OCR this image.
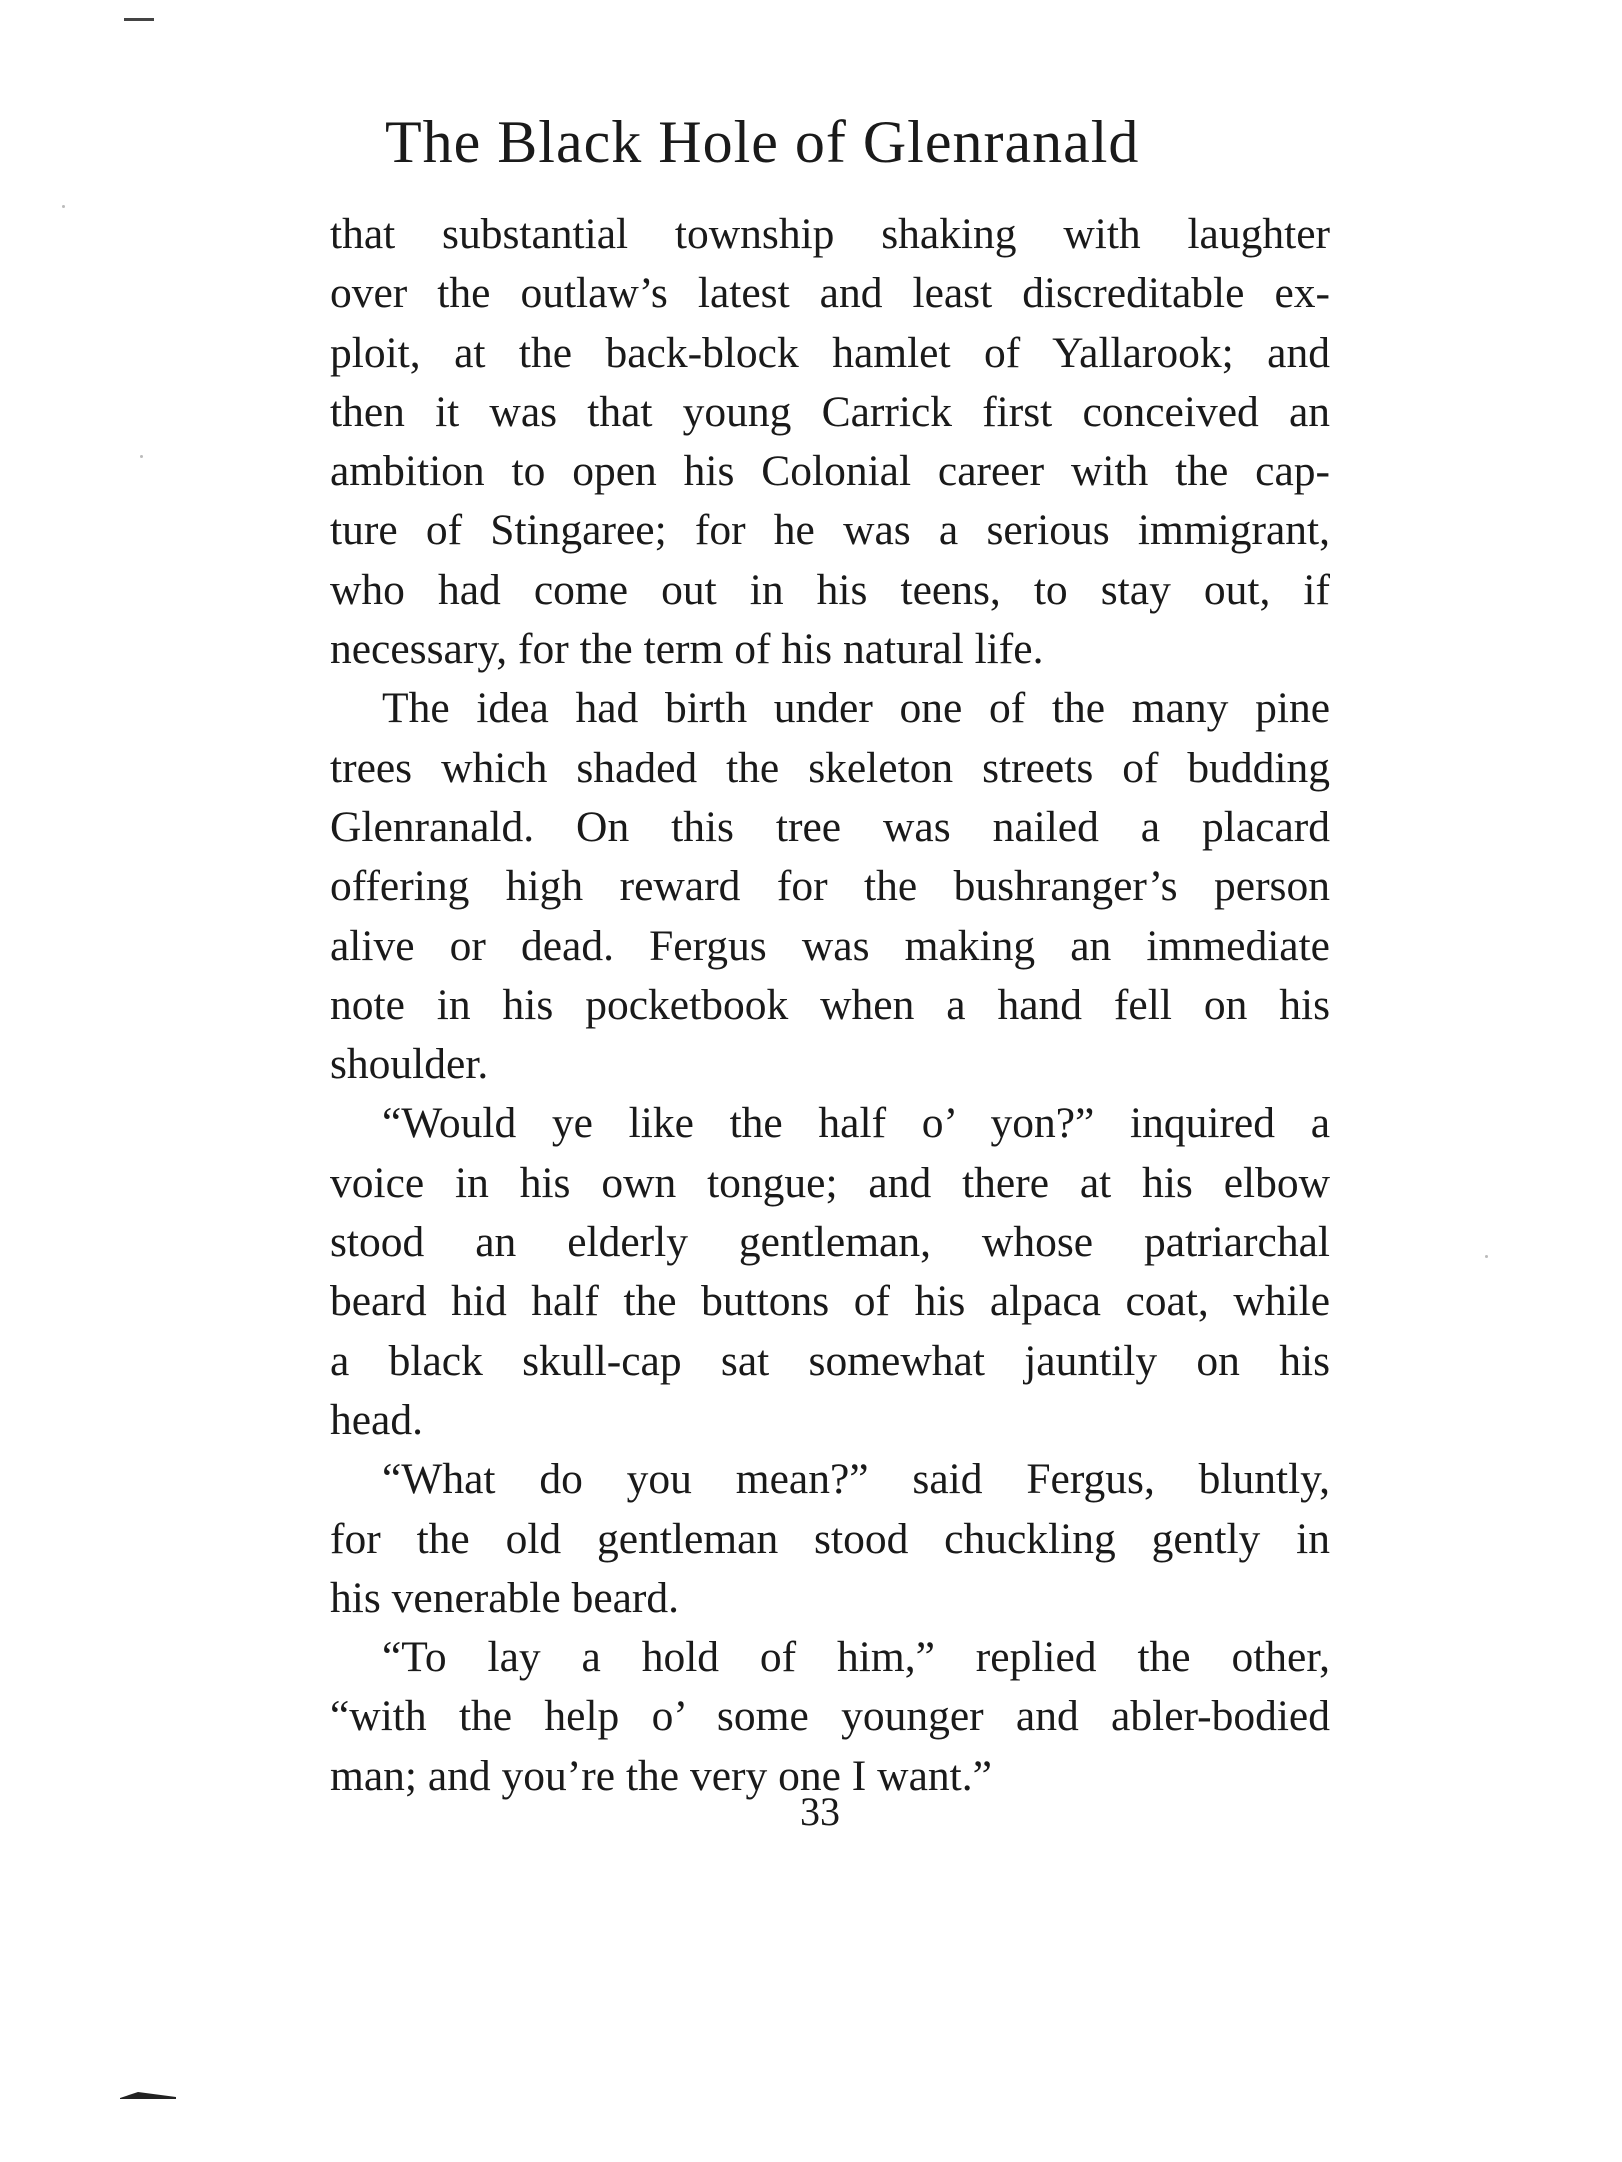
The Black Hole of Glenranald
that substantial township shaking with laughter
over the outlaw’s latest and least discreditable ex-
ploit, at the back-block hamlet of Yallarook; and
then it was that young Carrick first conceived an
ambition to open his Colonial career with the cap-
ture of Stingaree; for he was a serious immigrant,
who had come out in his teens, to stay out, if
necessary, for the term of his natural life.
The idea had birth under one of the many pine
trees which shaded the skeleton streets of budding
Glenranald. On this tree was nailed a placard
offering high reward for the bushranger’s person
alive or dead. Fergus was making an immediate
note in his pocketbook when a hand fell on his
shoulder.
“Would ye like the half o’ yon?” inquired a
voice in his own tongue; and there at his elbow
stood an elderly gentleman, whose patriarchal
beard hid half the buttons of his alpaca coat, while
a black skull-cap sat somewhat jauntily on his
head.
“What do you mean?” said Fergus, bluntly,
for the old gentleman stood chuckling gently in
his venerable beard.
“To lay a hold of him,” replied the other,
“with the help o’ some younger and abler-bodied
man; and you’re the very one I want.”
33
